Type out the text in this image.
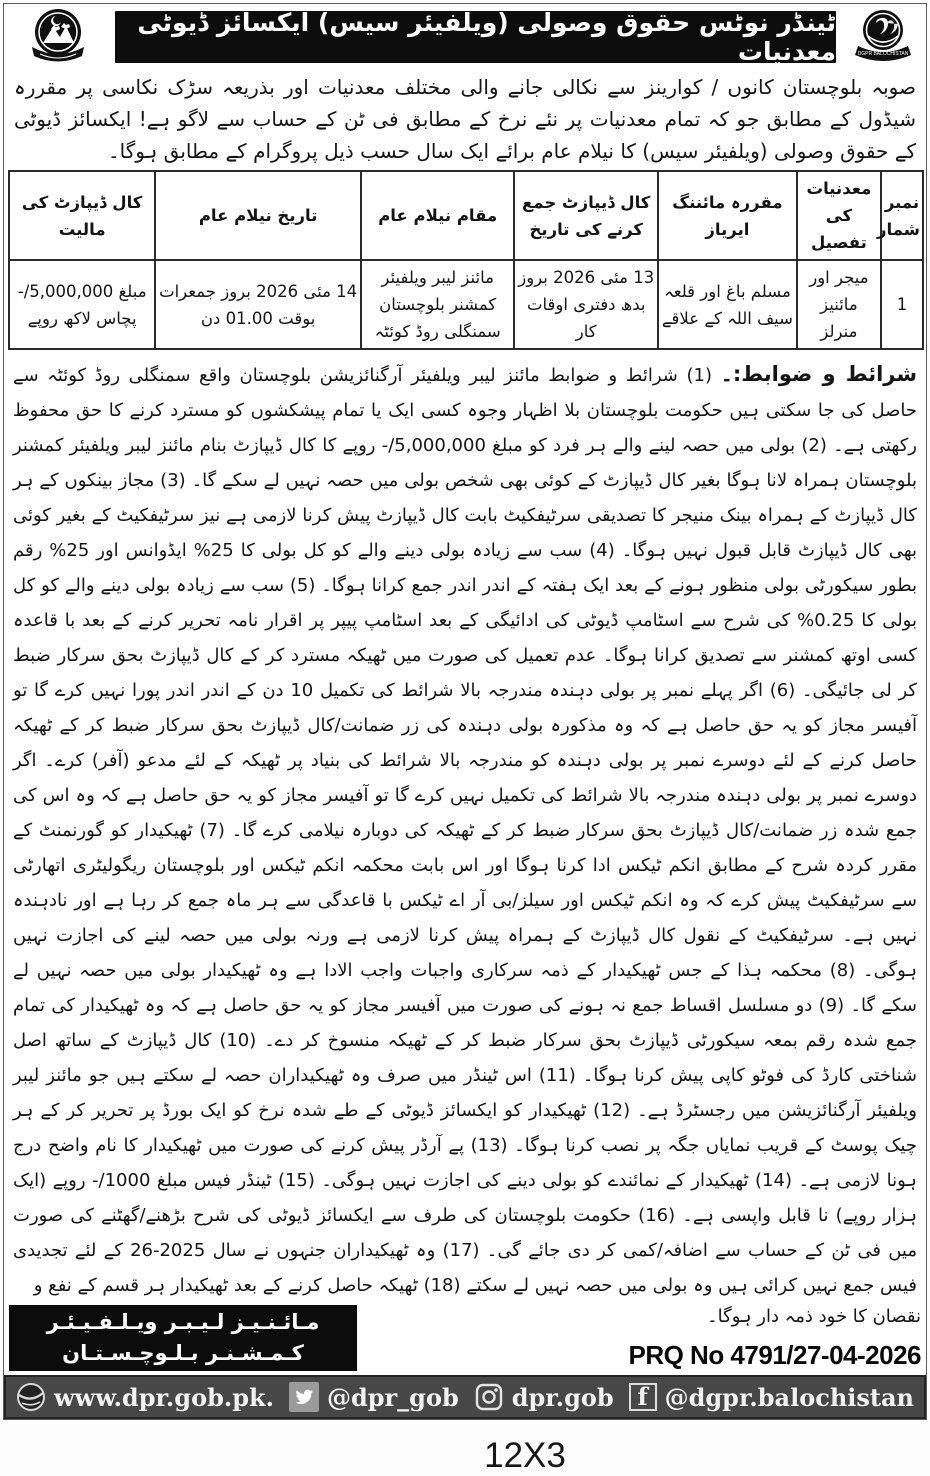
ٹینڈر نوٹس حقوق وصولی (ویلفیئر سیس) ایکسائز ڈیوٹی معدنیات	DGPR BALOCHISTAN
صوبہ بلوچستان کانوں / کوارینز سے نکالی جانے والی مختلف معدنیات اور بذریعہ سڑک نکاسی پر مقررہ شیڈول کے مطابق جو کہ تمام معدنیات پر نئے نرخ کے مطابق فی ٹن کے حساب سے لاگو ہے! ایکسائز ڈیوٹی کے حقوق وصولی (ویلفیئر سیس) کا نیلام عام برائے ایک سال حسب ذیل پروگرام کے مطابق ہوگا۔
نمبر شمار	معدنیات کی تفصیل	مقررہ مائننگ ایریاز	کال ڈیپازٹ جمع کرنے کی تاریخ	مقام نیلام عام	تاریخ نیلام عام	کال ڈیپازٹ کی مالیت
1	میجر اور مائنیز منرلز	مسلم باغ اور قلعہ سیف اللہ کے علاقے	13 مئی 2026 بروز بدھ دفتری اوقات کار	مائنز لیبر ویلفیئر کمشنر بلوچستان سمنگلی روڈ کوئٹہ	14 مئی 2026 بروز جمعرات بوقت 01.00 دن	مبلغ 5,000,000/- پچاس لاکھ روپے
شرائط و ضوابط:۔ (1) شرائط و ضوابط مائنز لیبر ویلفیئر آرگنائزیشن بلوچستان واقع سمنگلی روڈ کوئٹہ سے حاصل کی جا سکتی ہیں حکومت بلوچستان بلا اظہار وجوہ کسی ایک یا تمام پیشکشوں کو مسترد کرنے کا حق محفوظ رکھتی ہے۔ (2) بولی میں حصہ لینے والے ہر فرد کو مبلغ 5,000,000/- روپے کا کال ڈیپازٹ بنام مائنز لیبر ویلفیئر کمشنر بلوچستان ہمراہ لانا ہوگا بغیر کال ڈیپازٹ کے کوئی بھی شخص بولی میں حصہ نہیں لے سکے گا۔ (3) مجاز بینکوں کے ہر کال ڈیپازٹ کے ہمراہ بینک منیجر کا تصدیقی سرٹیفکیٹ بابت کال ڈیپازٹ پیش کرنا لازمی ہے نیز سرٹیفکیٹ کے بغیر کوئی بھی کال ڈیپازٹ قابل قبول نہیں ہوگا۔ (4) سب سے زیادہ بولی دینے والے کو کل بولی کا 25% ایڈوانس اور 25% رقم بطور سیکورٹی بولی منظور ہونے کے بعد ایک ہفتہ کے اندر اندر جمع کرانا ہوگا۔ (5) سب سے زیادہ بولی دینے والے کو کل بولی کا 0.25% کی شرح سے اسٹامپ ڈیوٹی کی ادائیگی کے بعد اسٹامپ پیپر پر اقرار نامہ تحریر کرنے کے بعد با قاعدہ کسی اوتھ کمشنر سے تصدیق کرانا ہوگا۔ عدم تعمیل کی صورت میں ٹھیکہ مسترد کر کے کال ڈیپازٹ بحق سرکار ضبط کر لی جائیگی۔ (6) اگر پہلے نمبر پر بولی دہندہ مندرجہ بالا شرائط کی تکمیل 10 دن کے اندر اندر پورا نہیں کرے گا تو آفیسر مجاز کو یہ حق حاصل ہے کہ وہ مذکورہ بولی دہندہ کی زر ضمانت/کال ڈیپازٹ بحق سرکار ضبط کر کے ٹھیکہ حاصل کرنے کے لئے دوسرے نمبر پر بولی دہندہ کو مندرجہ بالا شرائط کی بنیاد پر ٹھیکہ کے لئے مدعو (آفر) کرے۔ اگر دوسرے نمبر پر بولی دہندہ مندرجہ بالا شرائط کی تکمیل نہیں کرے گا تو آفیسر مجاز کو یہ حق حاصل ہے کہ وہ اس کی جمع شدہ زر ضمانت/کال ڈیپازٹ بحق سرکار ضبط کر کے ٹھیکہ کی دوبارہ نیلامی کرے گا۔ (7) ٹھیکیدار کو گورنمنٹ کے مقرر کردہ شرح کے مطابق انکم ٹیکس ادا کرنا ہوگا اور اس بابت محکمہ انکم ٹیکس اور بلوچستان ریگولیٹری اتھارٹی سے سرٹیفکیٹ پیش کرے کہ وہ انکم ٹیکس اور سیلز/بی آر اے ٹیکس با قاعدگی سے ہر ماہ جمع کر رہا ہے اور نادہندہ نہیں ہے۔ سرٹیفکیٹ کے نقول کال ڈیپازٹ کے ہمراہ پیش کرنا لازمی ہے ورنہ بولی میں حصہ لینے کی اجازت نہیں ہوگی۔ (8) محکمہ ہذا کے جس ٹھیکیدار کے ذمہ سرکاری واجبات واجب الادا ہے وہ ٹھیکیدار بولی میں حصہ نہیں لے سکے گا۔ (9) دو مسلسل اقساط جمع نہ ہونے کی صورت میں آفیسر مجاز کو یہ حق حاصل ہے کہ وہ ٹھیکیدار کی تمام جمع شدہ رقم بمعہ سیکورٹی ڈیپازٹ بحق سرکار ضبط کر کے ٹھیکہ منسوخ کر دے۔ (10) کال ڈیپازٹ کے ساتھ اصل شناختی کارڈ کی فوٹو کاپی پیش کرنا ہوگا۔ (11) اس ٹینڈر میں صرف وہ ٹھیکیداران حصہ لے سکتے ہیں جو مائنز لیبر ویلفیئر آرگنائزیشن میں رجسٹرڈ ہے۔ (12) ٹھیکیدار کو ایکسائز ڈیوٹی کے طے شدہ نرخ کو ایک بورڈ پر تحریر کر کے ہر چیک پوسٹ کے قریب نمایاں جگہ پر نصب کرنا ہوگا۔ (13) پے آرڈر پیش کرنے کی صورت میں ٹھیکیدار کا نام واضح درج ہونا لازمی ہے۔ (14) ٹھیکیدار کے نمائندے کو بولی دینے کی اجازت نہیں ہوگی۔ (15) ٹینڈر فیس مبلغ 1000/- روپے (ایک ہزار روپے) نا قابل واپسی ہے۔ (16) حکومت بلوچستان کی طرف سے ایکسائز ڈیوٹی کی شرح بڑھنے/گھٹنے کی صورت میں فی ٹن کے حساب سے اضافہ/کمی کر دی جائے گی۔ (17) وہ ٹھیکیداران جنہوں نے سال 2025-26 کے لئے تجدیدی فیس جمع نہیں کرائی ہیں وہ بولی میں حصہ نہیں لے سکتے (18) ٹھیکہ حاصل کرنے کے بعد ٹھیکیدار ہر قسم کے نفع و
مـائـنـیـز لـیـبـر ویـلـفـیـئـر
کـمـشـنـر بـلـوچـسـتـان
نقصان کا خود ذمہ دار ہوگا۔
PRQ No 4791/27-04-2026
www.dpr.gob.pk. @dpr_gob dpr.gob f @dgpr.balochistan
12X3
